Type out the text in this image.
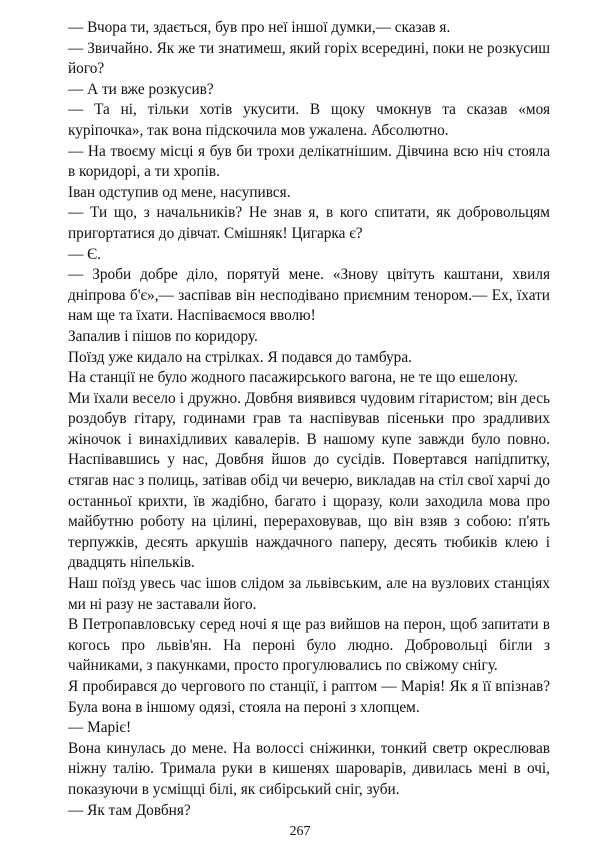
— Вчора ти, здається, був про неї іншої думки,— сказав я.

— Звичайно. Як же ти знатимеш, який горіх всередині, поки не розкусиш його?

— А ти вже розкусив?

— Та ні, тільки хотів укусити. В щоку чмокнув та сказав «моя курiпочка», так вона підскочила мов ужалена. Абсолютно.

— На твоєму місці я був би трохи делікатнішим. Дівчина всю ніч стояла в коридорі, а ти хропів.

Іван одступив од мене, насупився.

— Ти що, з начальників? Не знав я, в кого спитати, як добровольцям пригортатися до дівчат. Смішняк! Цигарка є?

— Є.

— Зроби добре діло, порятуй мене. «Знову цвітуть каштани, хвиля дніпрова б'є»,— заспівав він несподівано приємним тенором.— Ех, їхати нам ще та їхати. Наспіваємося вволю!

Запалив і пішов по коридору.

Поїзд уже кидало на стрілках. Я подався до тамбура.

На станції не було жодного пасажирського вагона, не те що ешелону.

Ми їхали весело і дружно. Довбня виявився чудовим гітаристом; він десь роздобув гітару, годинами грав та наспівував пісеньки про зрадливих жіночок і винахідливих кавалерів. В нашому купе завжди було повно. Наспівавшись у нас, Довбня йшов до сусідів. Повертався напідпитку, стягав нас з полиць, затівав обід чи вечерю, викладав на стіл свої харчі до останньої крихти, їв жадібно, багато і щоразу, коли заходила мова про майбутню роботу на цілині, перераховував, що він взяв з собою: п'ять терпужків, десять аркушів наждачного паперу, десять тюбиків клею і двадцять ніпельків.

Наш поїзд увесь час ішов слідом за львівським, але на вузлових станціях ми ні разу не заставали його.

В Петропавловську серед ночі я ще раз вийшов на перон, щоб запитати в когось про львів'ян. На пероні було людно. Добровольці бігли з чайниками, з пакунками, просто прогулювались по свіжому снігу.

Я пробирався до чергового по станції, і раптом — Марія! Як я її впізнав? Була вона в іншому одязі, стояла на пероні з хлопцем.

— Маріє!

Вона кинулась до мене. На волоссі сніжинки, тонкий светр окреслював ніжну талію. Тримала руки в кишенях шароварів, дивилась мені в очі, показуючи в усміщці білі, як сибірський сніг, зуби.

— Як там Довбня?

267
